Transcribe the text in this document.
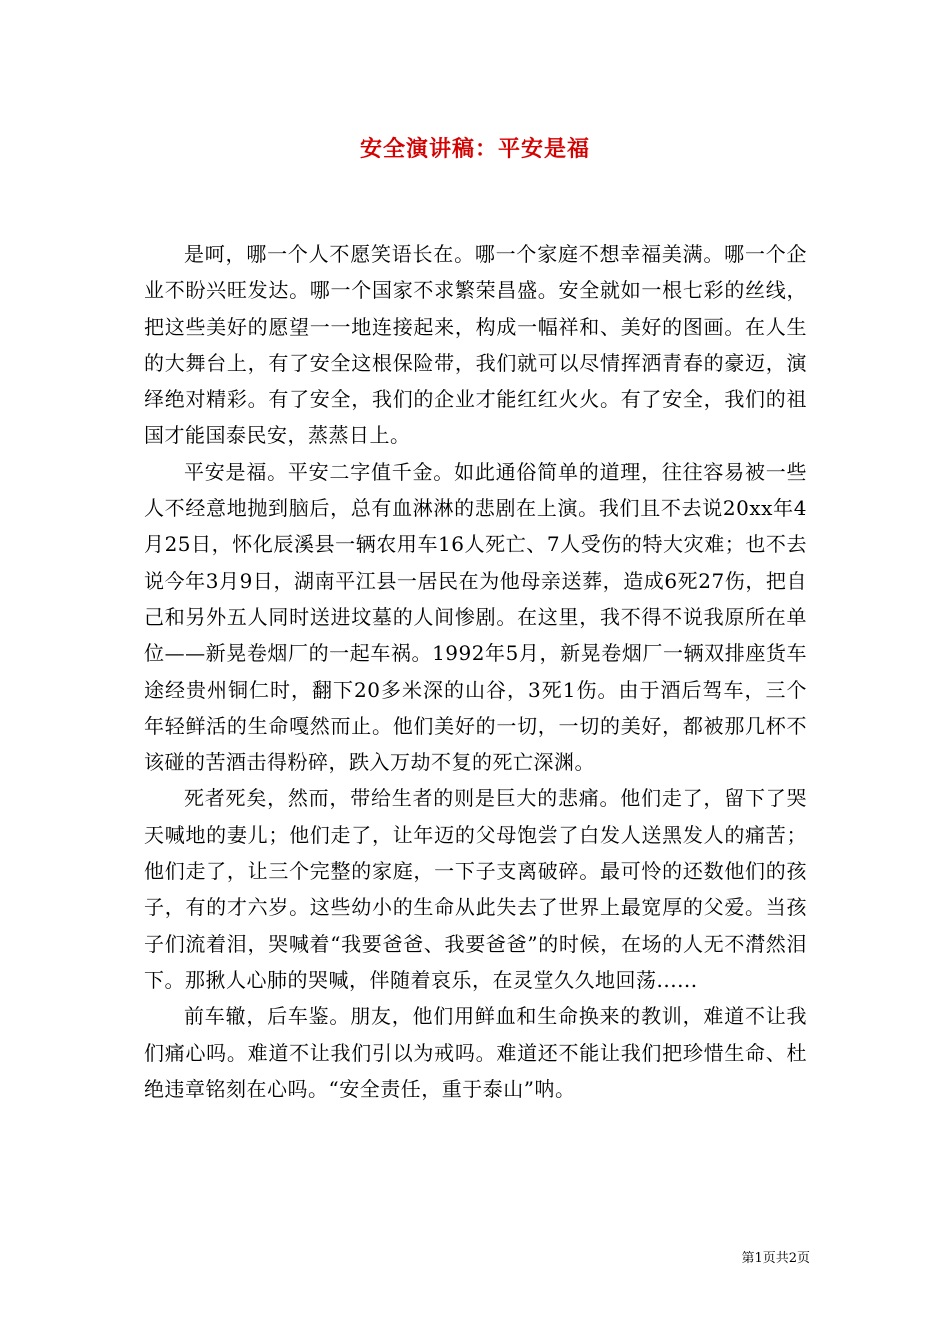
安全演讲稿：平安是福

是呵，哪一个人不愿笑语长在。哪一个家庭不想幸福美满。哪一个企业不盼兴旺发达。哪一个国家不求繁荣昌盛。安全就如一根七彩的丝线，把这些美好的愿望一一地连接起来，构成一幅祥和、美好的图画。在人生的大舞台上，有了安全这根保险带，我们就可以尽情挥洒青春的豪迈，演绎绝对精彩。有了安全，我们的企业才能红红火火。有了安全，我们的祖国才能国泰民安，蒸蒸日上。

平安是福。平安二字值千金。如此通俗简单的道理，往往容易被一些人不经意地抛到脑后，总有血淋淋的悲剧在上演。我们且不去说20xx年4月25日，怀化辰溪县一辆农用车16人死亡、7人受伤的特大灾难；也不去说今年3月9日，湖南平江县一居民在为他母亲送葬，造成6死27伤，把自己和另外五人同时送进坟墓的人间惨剧。在这里，我不得不说我原所在单位——新晃卷烟厂的一起车祸。1992年5月，新晃卷烟厂一辆双排座货车途经贵州铜仁时，翻下20多米深的山谷，3死1伤。由于酒后驾车，三个年轻鲜活的生命嘎然而止。他们美好的一切，一切的美好，都被那几杯不该碰的苦酒击得粉碎，跌入万劫不复的死亡深渊。

死者死矣，然而，带给生者的则是巨大的悲痛。他们走了，留下了哭天喊地的妻儿；他们走了，让年迈的父母饱尝了白发人送黑发人的痛苦；他们走了，让三个完整的家庭，一下子支离破碎。最可怜的还数他们的孩子，有的才六岁。这些幼小的生命从此失去了世界上最宽厚的父爱。当孩子们流着泪，哭喊着“我要爸爸、我要爸爸”的时候，在场的人无不潸然泪下。那揪人心肺的哭喊，伴随着哀乐，在灵堂久久地回荡......

前车辙，后车鉴。朋友，他们用鲜血和生命换来的教训，难道不让我们痛心吗。难道不让我们引以为戒吗。难道还不能让我们把珍惜生命、杜绝违章铭刻在心吗。“安全责任，重于泰山”呐。

第1页共2页
